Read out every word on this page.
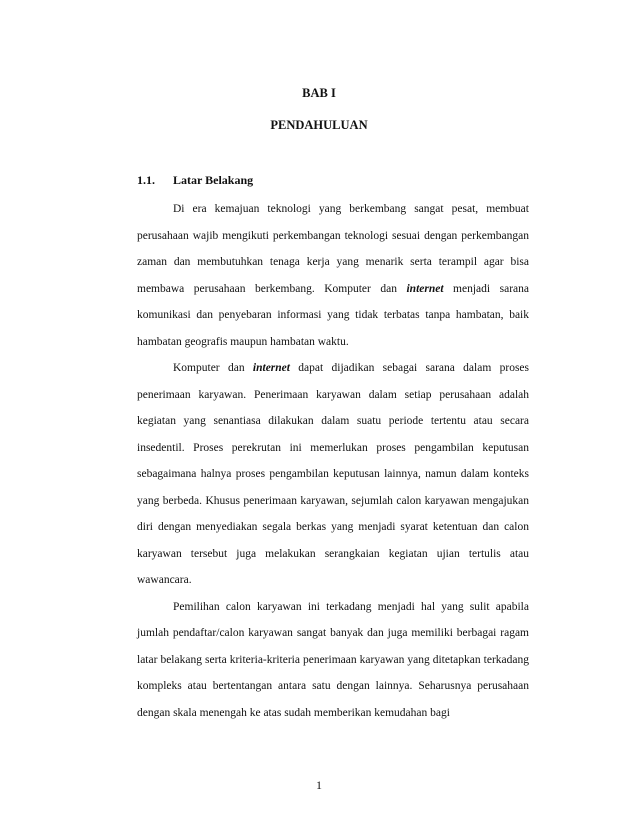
BAB I
PENDAHULUAN
1.1. Latar Belakang

Di era kemajuan teknologi yang berkembang sangat pesat, membuat perusahaan wajib mengikuti perkembangan teknologi sesuai dengan perkembangan zaman dan membutuhkan tenaga kerja yang menarik serta terampil agar bisa membawa perusahaan berkembang. Komputer dan internet menjadi sarana komunikasi dan penyebaran informasi yang tidak terbatas tanpa hambatan, baik hambatan geografis maupun hambatan waktu.

Komputer dan internet dapat dijadikan sebagai sarana dalam proses penerimaan karyawan. Penerimaan karyawan dalam setiap perusahaan adalah kegiatan yang senantiasa dilakukan dalam suatu periode tertentu atau secara insedentil. Proses perekrutan ini memerlukan proses pengambilan keputusan sebagaimana halnya proses pengambilan keputusan lainnya, namun dalam konteks yang berbeda. Khusus penerimaan karyawan, sejumlah calon karyawan mengajukan diri dengan menyediakan segala berkas yang menjadi syarat ketentuan dan calon karyawan tersebut juga melakukan serangkaian kegiatan ujian tertulis atau wawancara.

Pemilihan calon karyawan ini terkadang menjadi hal yang sulit apabila jumlah pendaftar/calon karyawan sangat banyak dan juga memiliki berbagai ragam latar belakang serta kriteria-kriteria penerimaan karyawan yang ditetapkan terkadang kompleks atau bertentangan antara satu dengan lainnya. Seharusnya perusahaan dengan skala menengah ke atas sudah memberikan kemudahan bagi

1
